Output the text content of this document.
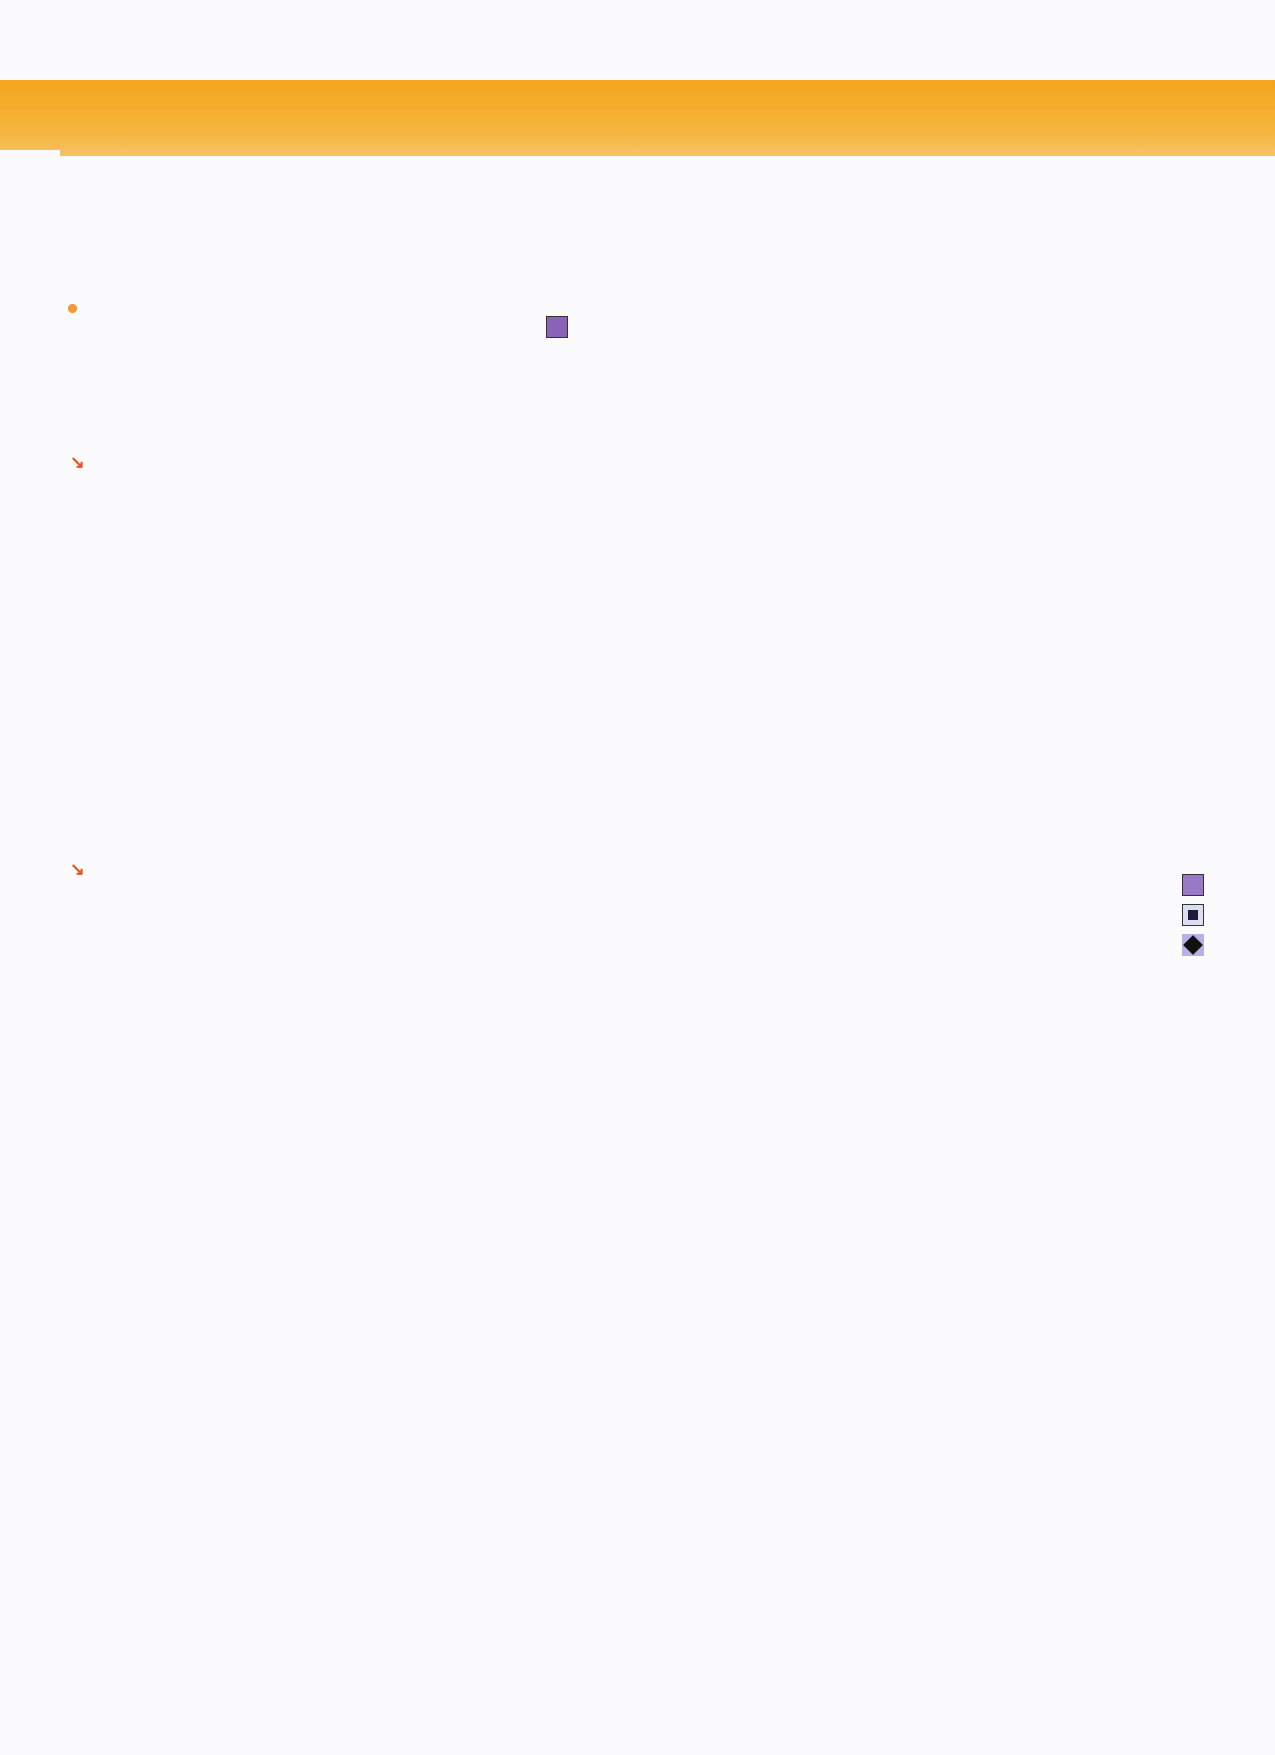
↘
↘
